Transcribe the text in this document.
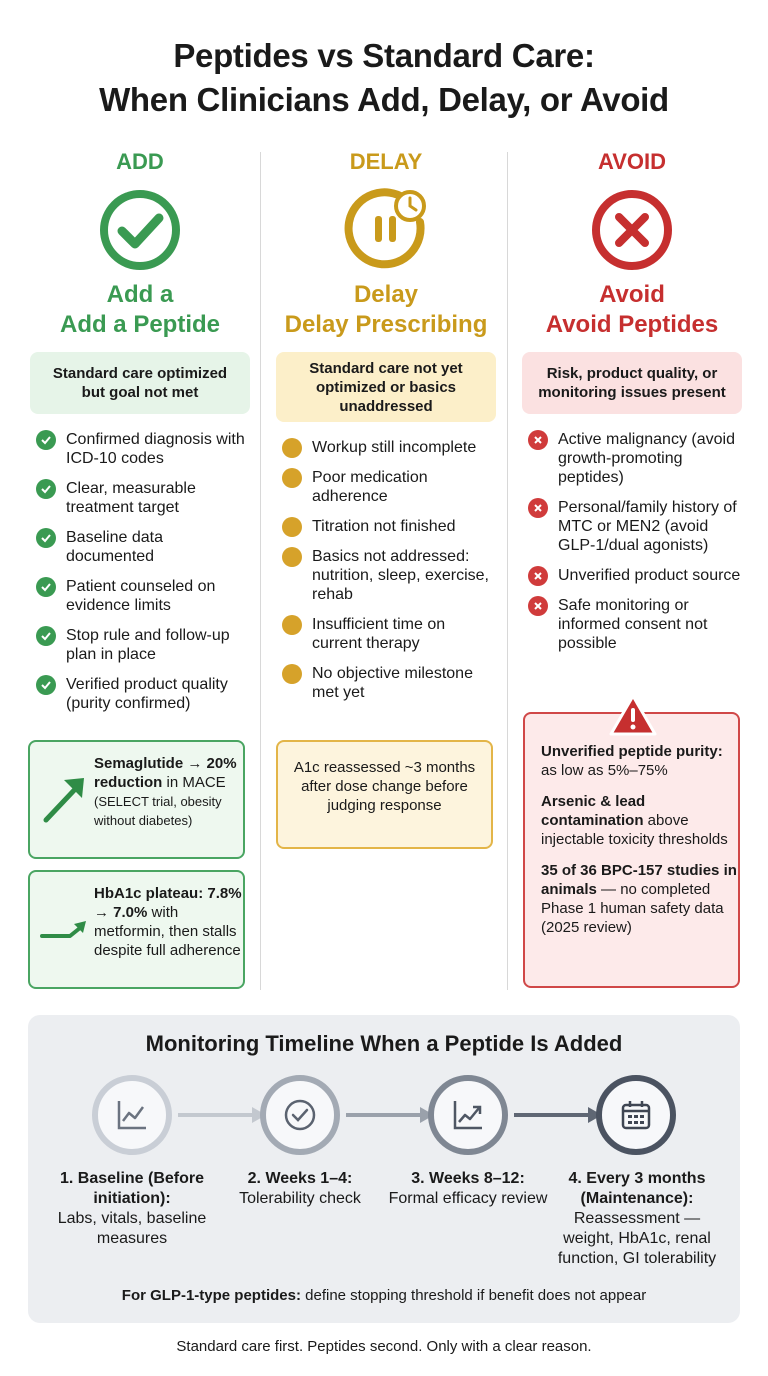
Peptides vs Standard Care:
When Clinicians Add, Delay, or Avoid
ADD
Add a
Add a Peptide
Standard care optimized but goal not met
Confirmed diagnosis with ICD-10 codes
Clear, measurable treatment target
Baseline data documented
Patient counseled on evidence limits
Stop rule and follow-up plan in place
Verified product quality (purity confirmed)
Semaglutide → 20% reduction in MACE (SELECT trial, obesity without diabetes)
HbA1c plateau: 7.8% → 7.0% with metformin, then stalls despite full adherence
DELAY
Delay
Delay Prescribing
Standard care not yet optimized or basics unaddressed
Workup still incomplete
Poor medication adherence
Titration not finished
Basics not addressed: nutrition, sleep, exercise, rehab
Insufficient time on current therapy
No objective milestone met yet
A1c reassessed ~3 months after dose change before judging response
AVOID
Avoid
Avoid Peptides
Risk, product quality, or monitoring issues present
Active malignancy (avoid growth-promoting peptides)
Personal/family history of MTC or MEN2 (avoid GLP-1/dual agonists)
Unverified product source
Safe monitoring or informed consent not possible
Unverified peptide purity: as low as 5%–75%
Arsenic & lead contamination above injectable toxicity thresholds
35 of 36 BPC-157 studies in animals — no completed Phase 1 human safety data (2025 review)
Monitoring Timeline When a Peptide Is Added
1. Baseline (Before initiation):
Labs, vitals, baseline measures
2. Weeks 1–4:
Tolerability check
3. Weeks 8–12:
Formal efficacy review
4. Every 3 months (Maintenance):
Reassessment — weight, HbA1c, renal function, GI tolerability
For GLP-1-type peptides: define stopping threshold if benefit does not appear
Standard care first. Peptides second. Only with a clear reason.
